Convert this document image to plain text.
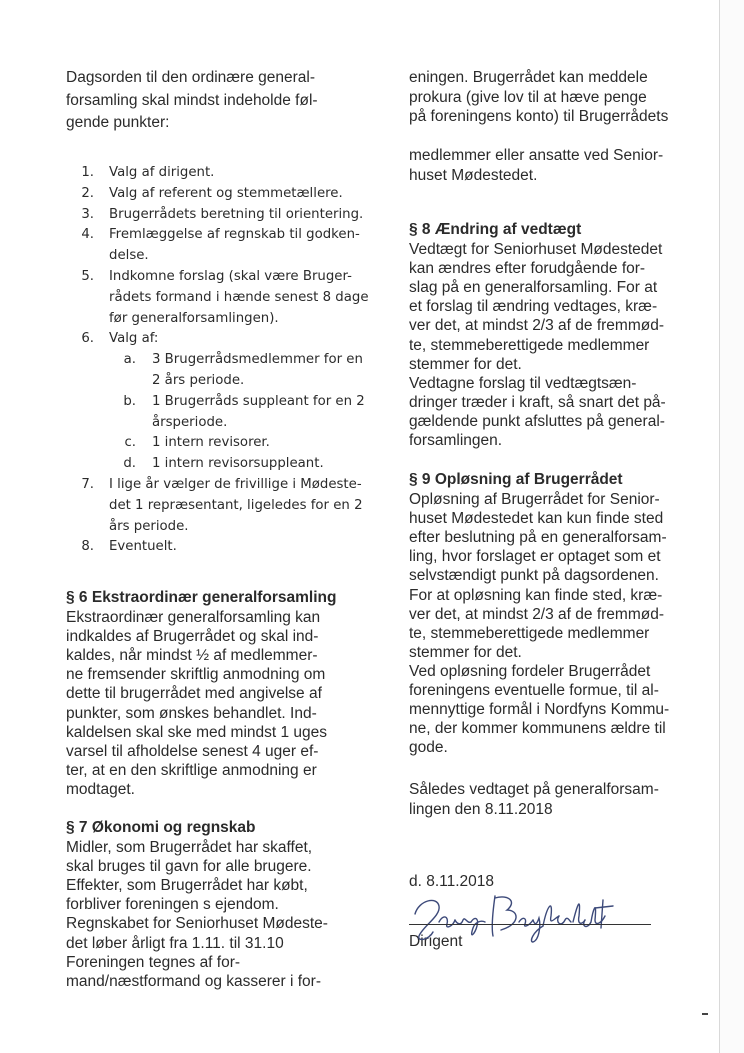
Dagsorden til den ordinære general-
forsamling skal mindst indeholde føl-
gende punkter:
1. Valg af dirigent.
2. Valg af referent og stemmetællere.
3. Brugerrådets beretning til orientering.
4. Fremlæggelse af regnskab til godken-
delse.
5. Indkomne forslag (skal være Bruger-
rådets formand i hænde senest 8 dage
før generalforsamlingen).
6. Valg af:
a. 3 Brugerrådsmedlemmer for en
2 års periode.
b. 1 Brugerråds suppleant for en 2
årsperiode.
c. 1 intern revisorer.
d. 1 intern revisorsuppleant.
7. I lige år vælger de frivillige i Mødeste-
det 1 repræsentant, ligeledes for en 2
års periode.
8. Eventuelt.
§ 6 Ekstraordinær generalforsamling
Ekstraordinær generalforsamling kan
indkaldes af Brugerrådet og skal ind-
kaldes, når mindst ½ af medlemmer-
ne fremsender skriftlig anmodning om
dette til brugerrådet med angivelse af
punkter, som ønskes behandlet. Ind-
kaldelsen skal ske med mindst 1 uges
varsel til afholdelse senest 4 uger ef-
ter, at en den skriftlige anmodning er
modtaget.
§ 7 Økonomi og regnskab
Midler, som Brugerrådet har skaffet,
skal bruges til gavn for alle brugere.
Effekter, som Brugerrådet har købt,
forbliver foreningen s ejendom.
Regnskabet for Seniorhuset Mødeste-
det løber årligt fra 1.11. til 31.10
Foreningen tegnes af for-
mand/næstformand og kasserer i for-
eningen. Brugerrådet kan meddele
prokura (give lov til at hæve penge
på foreningens konto) til Brugerrådets
medlemmer eller ansatte ved Senior-
huset Mødestedet.
§ 8 Ændring af vedtægt
Vedtægt for Seniorhuset Mødestedet
kan ændres efter forudgående for-
slag på en generalforsamling. For at
et forslag til ændring vedtages, kræ-
ver det, at mindst 2/3 af de fremmød-
te, stemmeberettigede medlemmer
stemmer for det.
Vedtagne forslag til vedtægtsæn-
dringer træder i kraft, så snart det på-
gældende punkt afsluttes på general-
forsamlingen.
§ 9 Opløsning af Brugerrådet
Opløsning af Brugerrådet for Senior-
huset Mødestedet kan kun finde sted
efter beslutning på en generalforsam-
ling, hvor forslaget er optaget som et
selvstændigt punkt på dagsordenen.
For at opløsning kan finde sted, kræ-
ver det, at mindst 2/3 af de fremmød-
te, stemmeberettigede medlemmer
stemmer for det.
Ved opløsning fordeler Brugerrådet
foreningens eventuelle formue, til al-
mennyttige formål i Nordfyns Kommu-
ne, der kommer kommunens ældre til
gode.
Således vedtaget på generalforsam-
lingen den 8.11.2018
d. 8.11.2018
Dirigent
